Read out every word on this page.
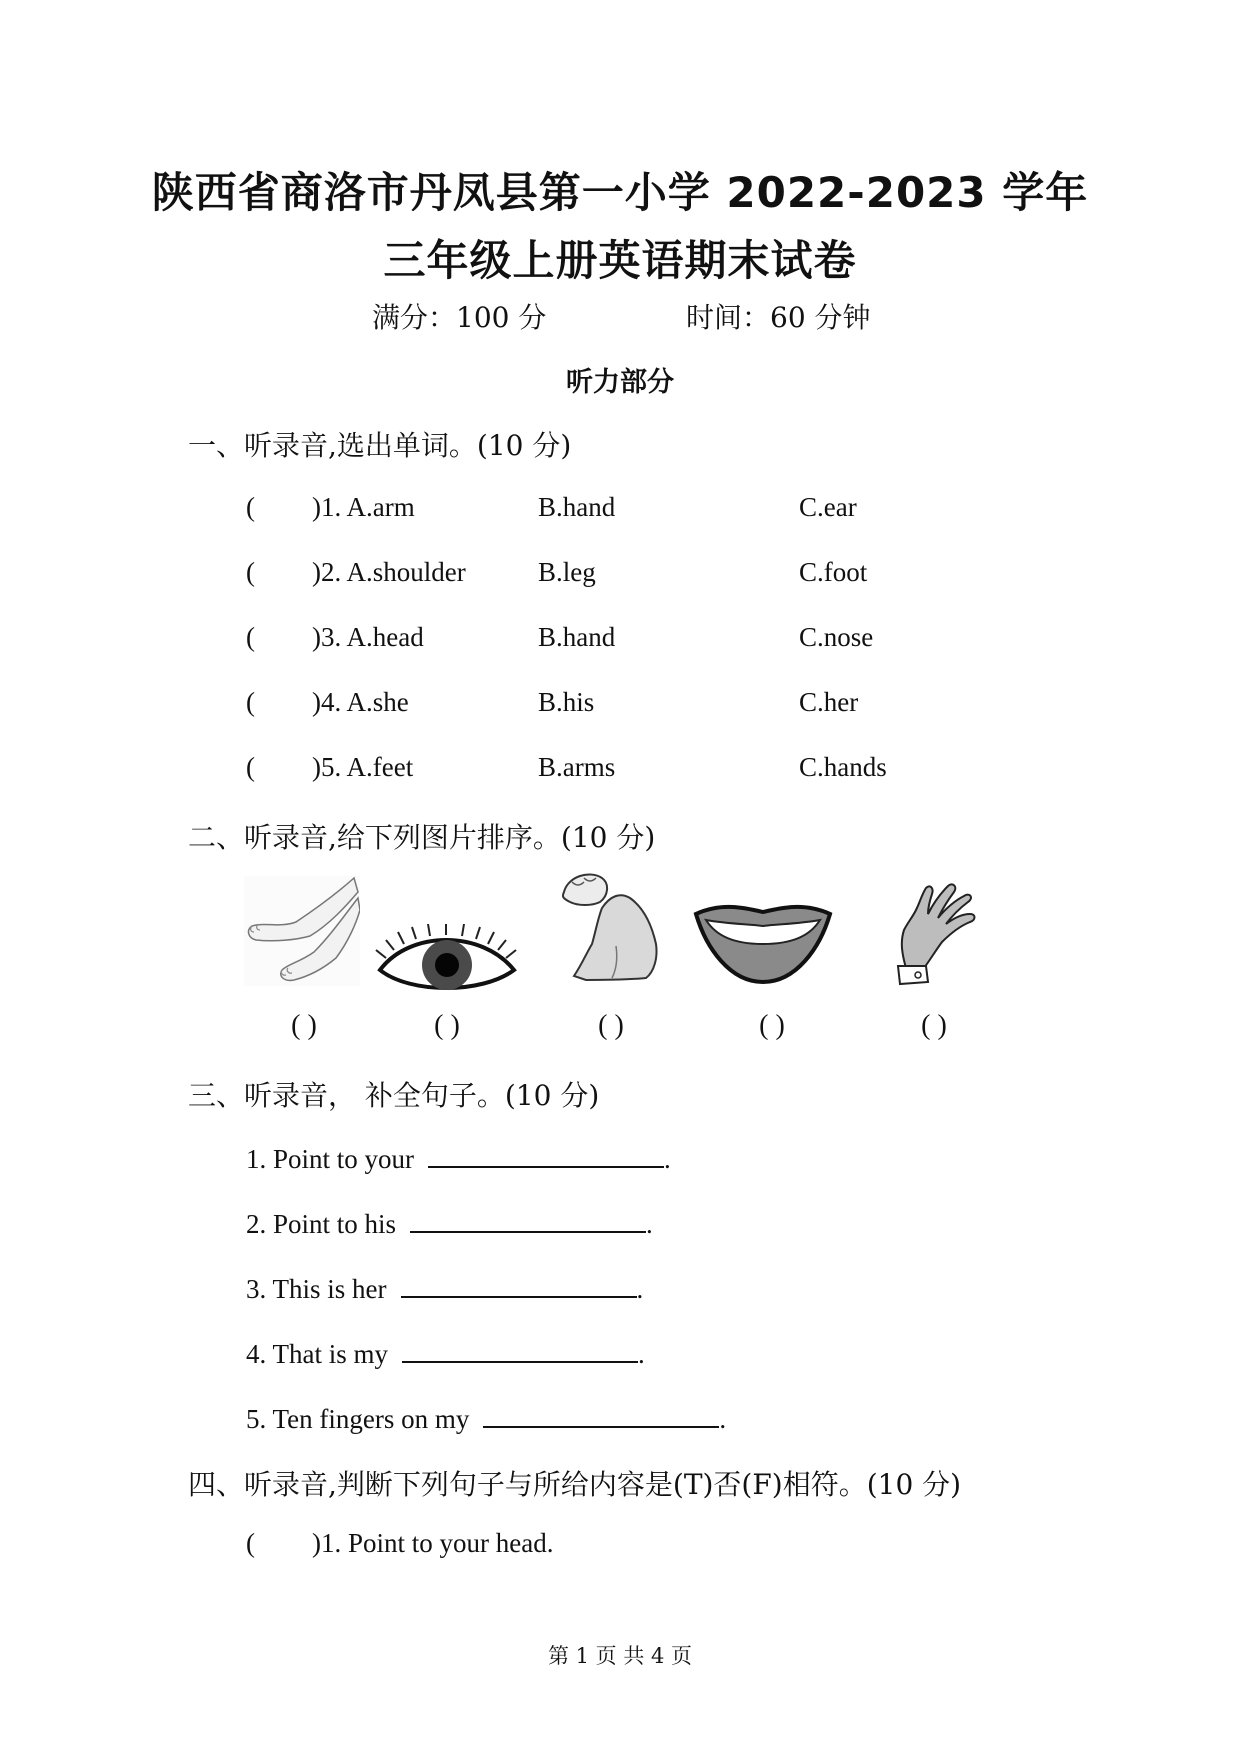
陕西省商洛市丹凤县第一小学 2022-2023 学年
三年级上册英语期末试卷
满分：100 分	时间：60 分钟
听力部分
一、听录音,选出单词。(10 分)
( )1. A.arm	B.hand	C.ear
( )2. A.shoulder	B.leg	C.foot
( )3. A.head	B.hand	C.nose
( )4. A.she	B.his	C.her
( )5. A.feet	B.arms	C.hands
二、听录音,给下列图片排序。(10 分)
( )	( )	( )	( )	( )
三、听录音， 补全句子。(10 分)
1. Point to your	.
2. Point to his	.
3. This is her	.
4. That is my	.
5. Ten fingers on my	.
四、听录音,判断下列句子与所给内容是(T)否(F)相符。(10 分)
( )1. Point to your head.
第 1 页 共 4 页
